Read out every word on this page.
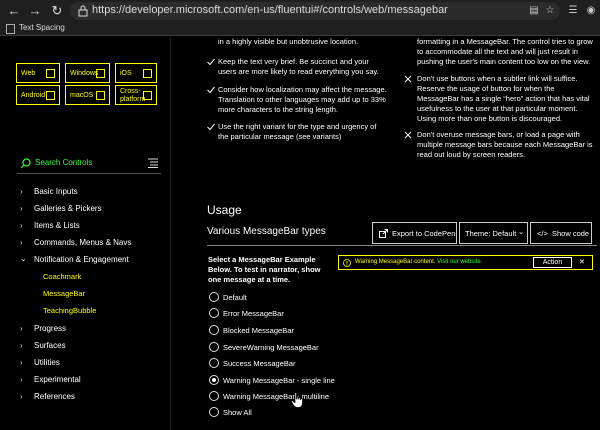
← → ↻	https://developer.microsoft.com/en-us/fluentui#/controls/web/messagebar	▤ ☆ ☰ ◉
Text Spacing
Web	Windows	iOS
Android	macOS
Cross-platform
Search Controls
›	Basic Inputs
›	Galleries & Pickers
›	Items & Lists
›	Commands, Menus & Navs
⌄ Notification & Engagement
Coachmark
MessageBar
TeachingBubble
›	Progress
›	Surfaces
›	Utilities
›	Experimental
›	References
in a highly visible but unobtrusive location.
Keep the text very brief. Be succinct and your users are more likely to read everything you say.
Consider how localization may affect the message. Translation to other languages may add up to 33% more characters to the string length.
Use the right variant for the type and urgency of the particular message (see variants)
formatting in a MessageBar. The control tries to grow to accommodate all the text and will just result in pushing the user's main content too low on the view.
Don't use buttons when a subtler link will suffice. Reserve the usage of button for when the MessageBar has a single “hero” action that has vital usefulness to the user at that particular moment. Using more than one button is discouraged.
Don't overuse message bars, or load a page with multiple message bars because each MessageBar is read out loud by screen readers.
Usage
Various MessageBar types	Export to CodePen Theme: Default ⌄ </> Show code
Select a MessageBar Example Below. To test in narrator, show one message at a time.
Warning MessageBar content. Visit our website.	Action	✕
Default
Error MessageBar
Blocked MessageBar
SevereWarning MessageBar
Success MessageBar
Warning MessageBar - single line
Warning MessageBar - multiline
Show All
